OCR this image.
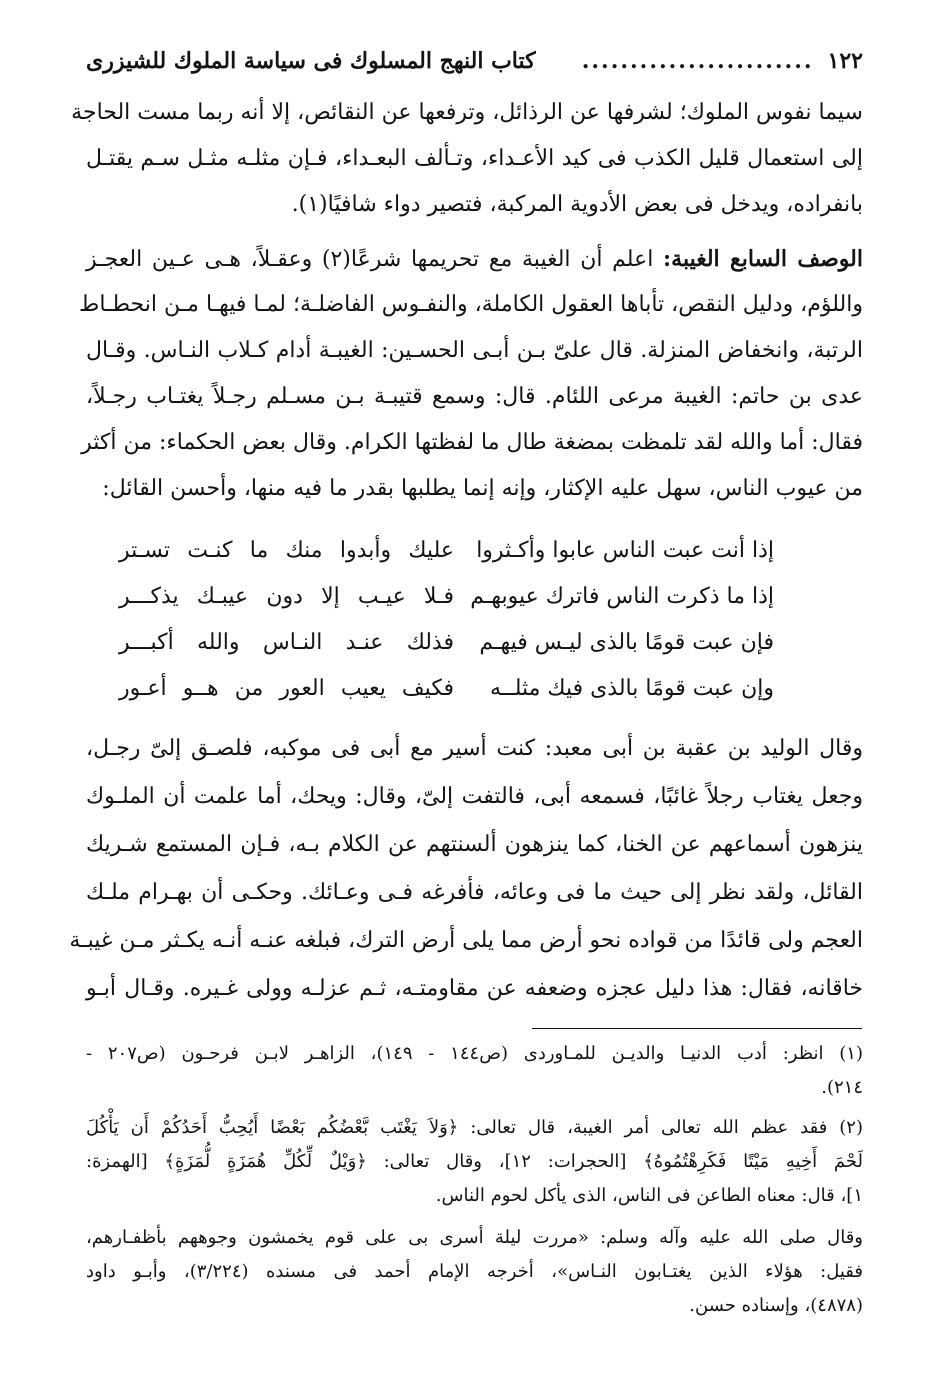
١٢٢
........................
كتاب النهج المسلوك فى سياسة الملوك للشيزرى
سيما نفوس الملوك؛ لشرفها عن الرذائل، وترفعها عن النقائص، إلا أنه ربما مست الحاجة
إلى استعمال قليل الكذب فى كيد الأعـداء، وتـألف البعـداء، فـإن مثلـه مثـل سـم يقتـل
بانفراده، ويدخل فى بعض الأدوية المركبة، فتصير دواء شافيًا(١).
الوصف السابع الغيبة: اعلم أن الغيبة مع تحريمها شرعًا(٢) وعقـلاً، هـى عـين العجـز
واللؤم، ودليل النقص، تأباها العقول الكاملة، والنفـوس الفاضلـة؛ لمـا فيهـا مـن انحطـاط
الرتبة، وانخفاض المنزلة. قال علىّ بـن أبـى الحسـين: الغيبـة أدام كـلاب النـاس. وقـال
عدى بن حاتم: الغيبة مرعى اللئام. قال: وسمع قتيبـة بـن مسـلم رجـلاً يغتـاب رجـلاً،
فقال: أما والله لقد تلمظت بمضغة طال ما لفظتها الكرام. وقال بعض الحكماء: من أكثر
من عيوب الناس، سهل عليه الإكثار، وإنه إنما يطلبها بقدر ما فيه منها، وأحسن القائل:
إذا أنت عبت الناس عابوا وأكـثروا
عليك وأبدوا منك ما كنـت تسـتر
إذا ما ذكرت الناس فاترك عيوبهـم
فـلا عيـب إلا دون عيبـك يذكـــر
فإن عبت قومًا بالذى ليـس فيهـم
فذلك عنـد النـاس والله أكبـــر
وإن عبت قومًا بالذى فيك مثلــه
فكيف يعيب العور من هــو أعـور
وقال الوليد بن عقبة بن أبى معبد: كنت أسير مع أبى فى موكبه، فلصـق إلىّ رجـل،
وجعل يغتاب رجلاً غائبًا، فسمعه أبى، فالتفت إلىّ، وقال: ويحك، أما علمت أن الملـوك
ينزهون أسماعهم عن الخنا، كما ينزهون ألسنتهم عن الكلام بـه، فـإن المستمع شـريك
القائل، ولقد نظر إلى حيث ما فى وعائه، فأفرغه فـى وعـائك. وحكـى أن بهـرام ملـك
العجم ولى قائدًا من قواده نحو أرض مما يلى أرض الترك، فبلغه عنـه أنـه يكـثر مـن غيبـة
خاقانه، فقال: هذا دليل عجزه وضعفه عن مقاومتـه، ثـم عزلـه وولى غـيره. وقـال أبـو
(١) انظر: أدب الدنيـا والديـن للمـاوردى (ص١٤٤ - ١٤٩)، الزاهـر لابـن فرحـون (ص٢٠٧ -
٢١٤).
(٢) فقد عظم الله تعالى أمر الغيبة، قال تعالى: ﴿وَلاَ يَغْتَب بَّعْضُكُم بَعْضًا أَيُحِبُّ أَحَدُكُمْ أَن يَأْكُلَ
لَحْمَ أَخِيهِ مَيْتًا فَكَرِهْتُمُوهُ﴾ [الحجرات: ١٢]، وقال تعالى: ﴿وَيْلٌ لِّكُلِّ هُمَزَةٍ لُّمَزَةٍ﴾ [الهمزة:
١]، قال: معناه الطاعن فى الناس، الذى يأكل لحوم الناس.
وقال صلى الله عليه وآله وسلم: «مررت ليلة أسرى بى على قوم يخمشون وجوههم بأظفـارهم،
فقيل: هؤلاء الذين يغتـابون النـاس»، أخرجه الإمام أحمد فى مسنده (٣/٢٢٤)، وأبـو داود
(٤٨٧٨)، وإسناده حسن.
